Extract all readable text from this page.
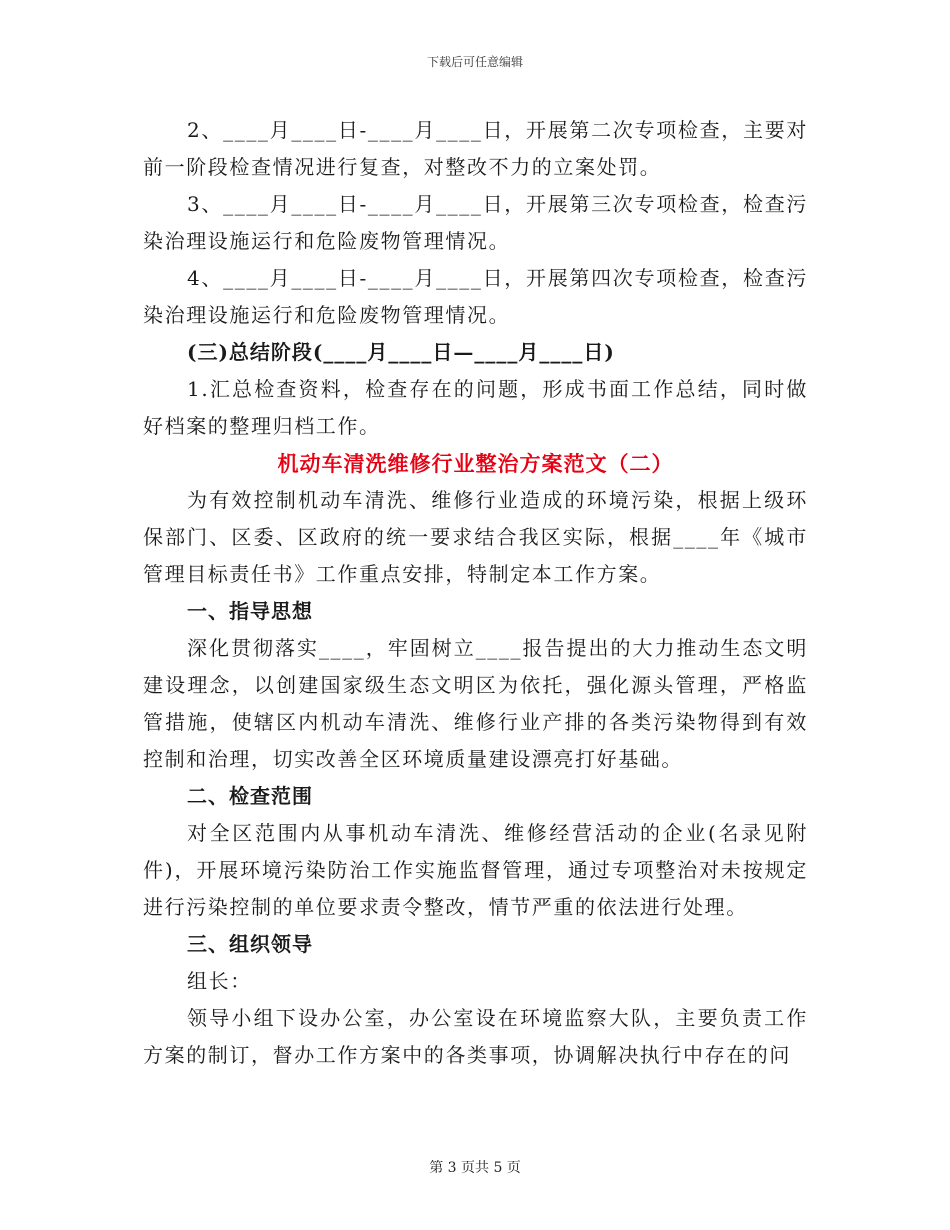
下载后可任意编辑

2、____月____日-____月____日，开展第二次专项检查，主要对前一阶段检查情况进行复查，对整改不力的立案处罚。

3、____月____日-____月____日，开展第三次专项检查，检查污染治理设施运行和危险废物管理情况。

4、____月____日-____月____日，开展第四次专项检查，检查污染治理设施运行和危险废物管理情况。

(三)总结阶段(____月____日—____月____日)

1.汇总检查资料，检查存在的问题，形成书面工作总结，同时做好档案的整理归档工作。

机动车清洗维修行业整治方案范文（二）

为有效控制机动车清洗、维修行业造成的环境污染，根据上级环保部门、区委、区政府的统一要求结合我区实际，根据____年《城市管理目标责任书》工作重点安排，特制定本工作方案。

一、指导思想

深化贯彻落实____，牢固树立____报告提出的大力推动生态文明建设理念，以创建国家级生态文明区为依托，强化源头管理，严格监管措施，使辖区内机动车清洗、维修行业产排的各类污染物得到有效控制和治理，切实改善全区环境质量建设漂亮打好基础。

二、检查范围

对全区范围内从事机动车清洗、维修经营活动的企业(名录见附件)，开展环境污染防治工作实施监督管理，通过专项整治对未按规定进行污染控制的单位要求责令整改，情节严重的依法进行处理。

三、组织领导

组长：

领导小组下设办公室，办公室设在环境监察大队，主要负责工作方案的制订，督办工作方案中的各类事项，协调解决执行中存在的问

第 3 页共 5 页
